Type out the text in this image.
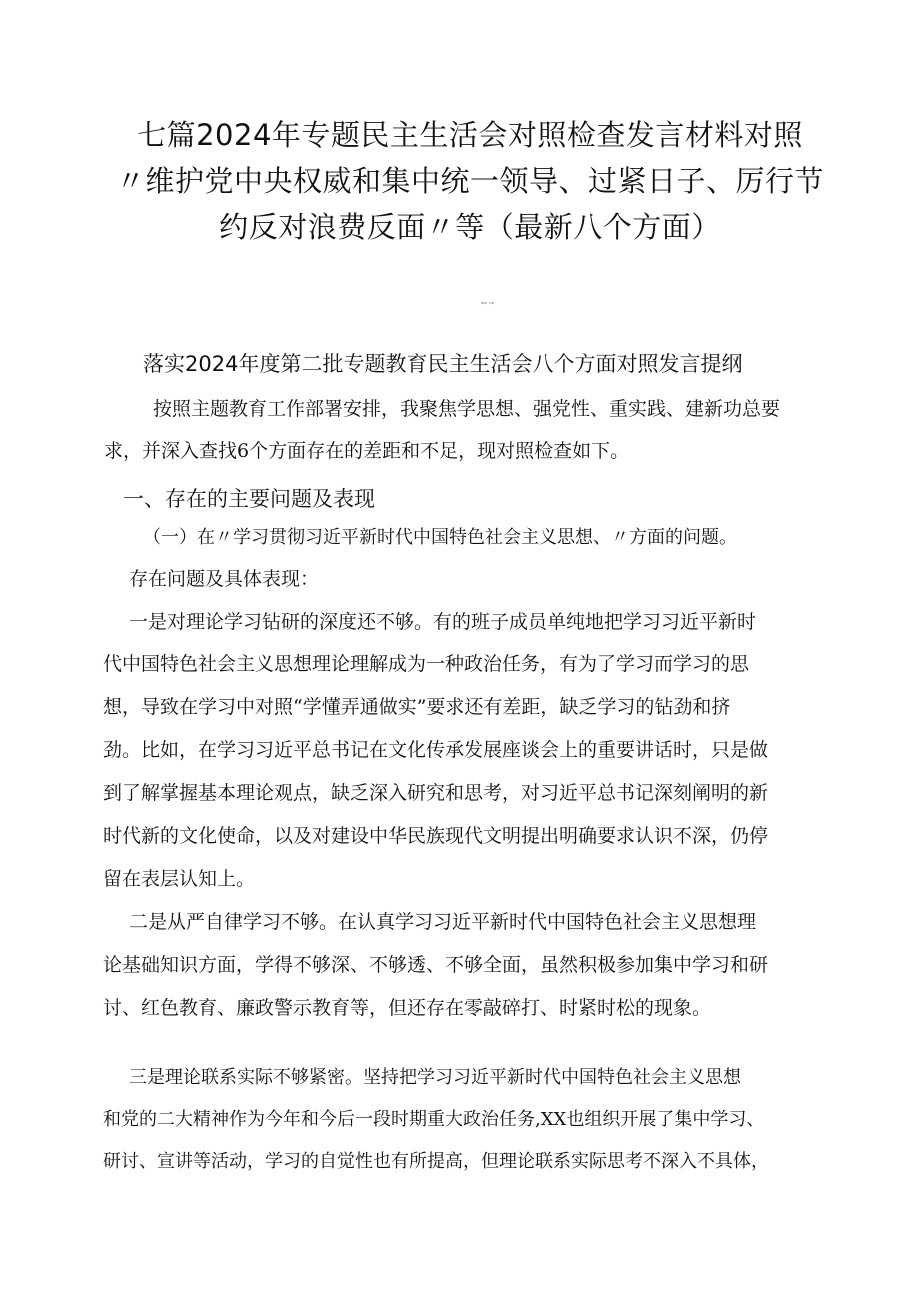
七篇2024年专题民主生活会对照检查发言材料对照
〃维护党中央权威和集中统一领导、过紧日子、厉行节
约反对浪费反面〃等（最新八个方面）
第1篇，共7篇
落实2024年度第二批专题教育民主生活会八个方面对照发言提纲
按照主题教育工作部署安排，我聚焦学思想、强党性、重实践、建新功总要
求，并深入查找6个方面存在的差距和不足，现对照检查如下。
一、存在的主要问题及表现
（一）在〃学习贯彻习近平新时代中国特色社会主义思想、〃方面的问题。
存在问题及具体表现：
一是对理论学习钻研的深度还不够。有的班子成员单纯地把学习习近平新时
代中国特色社会主义思想理论理解成为一种政治任务，有为了学习而学习的思
想，导致在学习中对照“学懂弄通做实”要求还有差距，缺乏学习的钻劲和挤
劲。比如，在学习习近平总书记在文化传承发展座谈会上的重要讲话时，只是做
到了解掌握基本理论观点，缺乏深入研究和思考，对习近平总书记深刻阐明的新
时代新的文化使命，以及对建设中华民族现代文明提出明确要求认识不深，仍停
留在表层认知上。
二是从严自律学习不够。在认真学习习近平新时代中国特色社会主义思想理
论基础知识方面，学得不够深、不够透、不够全面，虽然积极参加集中学习和研
讨、红色教育、廉政警示教育等，但还存在零敲碎打、时紧时松的现象。
三是理论联系实际不够紧密。坚持把学习习近平新时代中国特色社会主义思想
和党的二大精神作为今年和今后一段时期重大政治任务,XX也组织开展了集中学习、
研讨、宣讲等活动，学习的自觉性也有所提高，但理论联系实际思考不深入不具体，
